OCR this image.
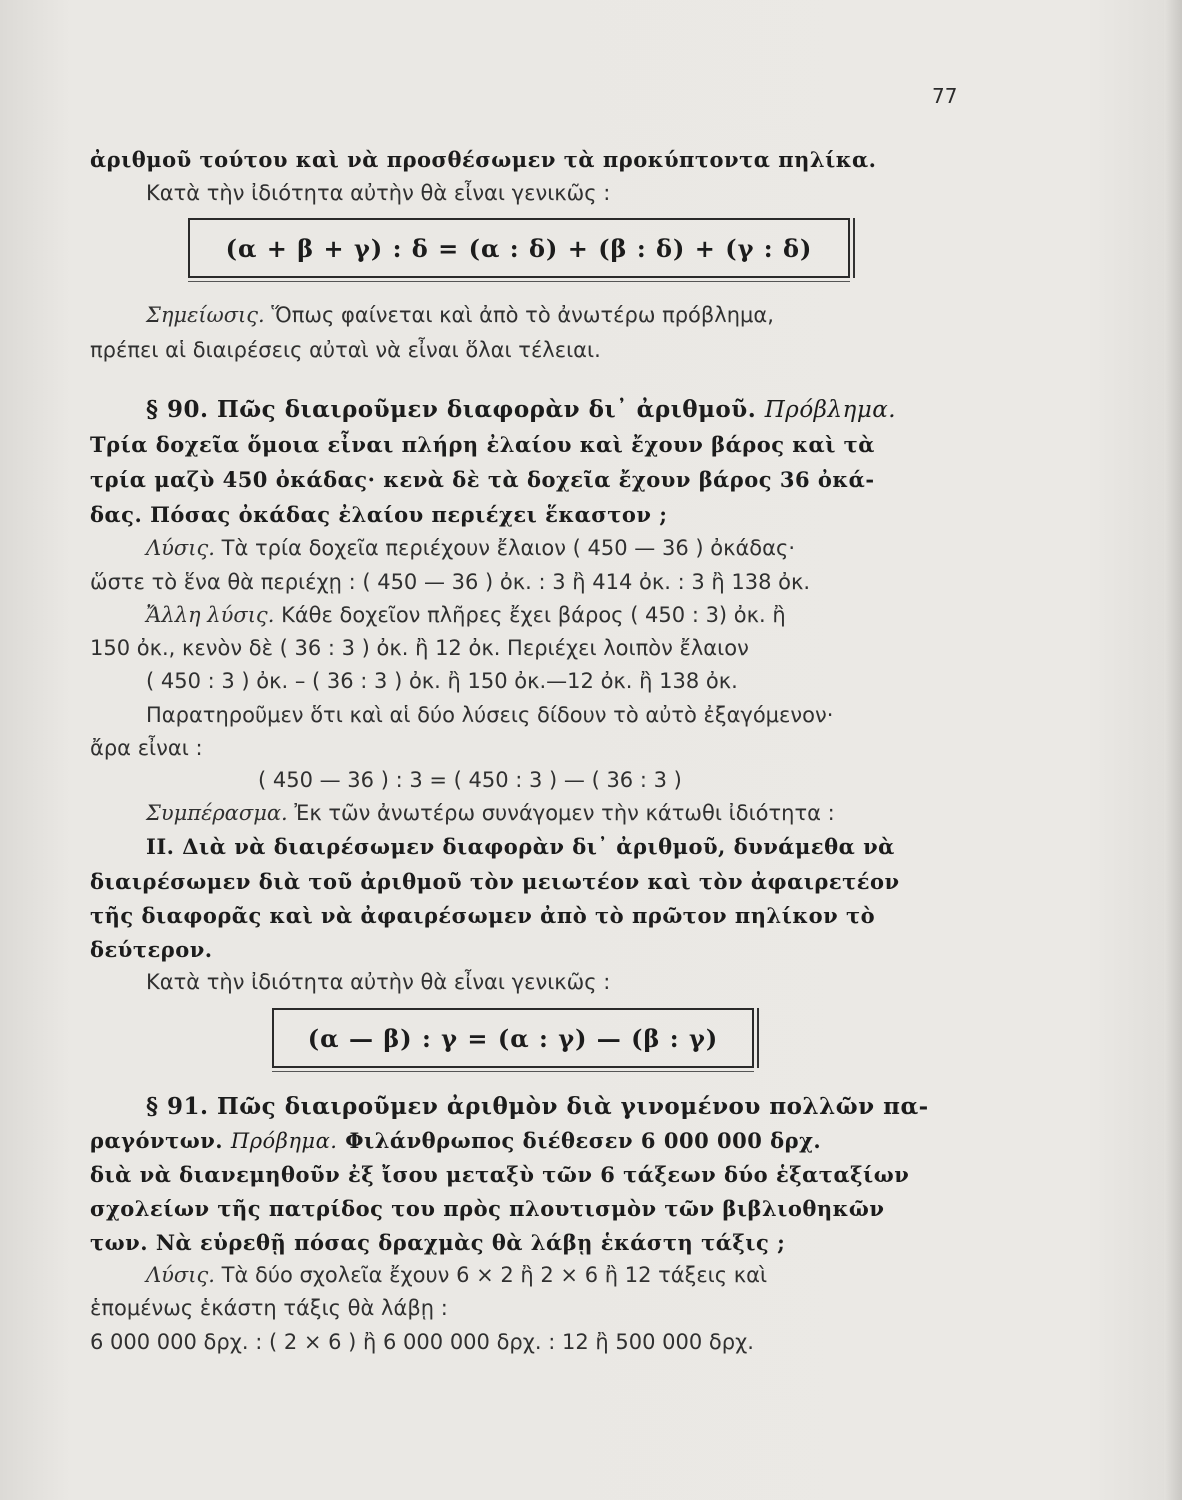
77
ἀριθμοῦ τούτου καὶ νὰ προσθέσωμεν τὰ προκύπτοντα πηλίκα.
Κατὰ τὴν ἰδιότητα αὐτὴν θὰ εἶναι γενικῶς :
(α + β + γ) : δ = (α : δ) + (β : δ) + (γ : δ)
Σημείωσις. Ὅπως φαίνεται καὶ ἀπὸ τὸ ἀνωτέρω πρόβλημα,
πρέπει αἱ διαιρέσεις αὐταὶ νὰ εἶναι ὅλαι τέλειαι.
§ 90. Πῶς διαιροῦμεν διαφορὰν δι᾽ ἀριθμοῦ. Πρόβλημα.
Τρία δοχεῖα ὅμοια εἶναι πλήρη ἐλαίου καὶ ἔχουν βάρος καὶ τὰ
τρία μαζὺ 450 ὀκάδας· κενὰ δὲ τὰ δοχεῖα ἔχουν βάρος 36 ὀκά-
δας. Πόσας ὀκάδας ἐλαίου περιέχει ἕκαστον ;
Λύσις. Τὰ τρία δοχεῖα περιέχουν ἔλαιον ( 450 — 36 ) ὀκάδας·
ὥστε τὸ ἕνα θὰ περιέχῃ : ( 450 — 36 ) ὀκ. : 3 ἢ 414 ὀκ. : 3 ἢ 138 ὀκ.
Ἄλλη λύσις. Κάθε δοχεῖον πλῆρες ἔχει βάρος ( 450 : 3) ὀκ. ἢ
150 ὀκ., κενὸν δὲ ( 36 : 3 ) ὀκ. ἢ 12 ὀκ. Περιέχει λοιπὸν ἔλαιον
( 450 : 3 ) ὀκ. – ( 36 : 3 ) ὀκ. ἢ 150 ὀκ.—12 ὀκ. ἢ 138 ὀκ.
Παρατηροῦμεν ὅτι καὶ αἱ δύο λύσεις δίδουν τὸ αὐτὸ ἐξαγόμενον·
ἄρα εἶναι :
( 450 — 36 ) : 3 = ( 450 : 3 ) — ( 36 : 3 )
Συμπέρασμα. Ἐκ τῶν ἀνωτέρω συνάγομεν τὴν κάτωθι ἰδιότητα :
II. Διὰ νὰ διαιρέσωμεν διαφορὰν δι᾽ ἀριθμοῦ, δυνάμεθα νὰ
διαιρέσωμεν διὰ τοῦ ἀριθμοῦ τὸν μειωτέον καὶ τὸν ἀφαιρετέον
τῆς διαφορᾶς καὶ νὰ ἀφαιρέσωμεν ἀπὸ τὸ πρῶτον πηλίκον τὸ
δεύτερον.
Κατὰ τὴν ἰδιότητα αὐτὴν θὰ εἶναι γενικῶς :
(α — β) : γ = (α : γ) — (β : γ)
§ 91. Πῶς διαιροῦμεν ἀριθμὸν διὰ γινομένου πολλῶν πα-
ραγόντων. Πρόβημα. Φιλάνθρωπος διέθεσεν 6 000 000 δρχ.
διὰ νὰ διανεμηθοῦν ἐξ ἴσου μεταξὺ τῶν 6 τάξεων δύο ἑξαταξίων
σχολείων τῆς πατρίδος του πρὸς πλουτισμὸν τῶν βιβλιοθηκῶν
των. Νὰ εὑρεθῇ πόσας δραχμὰς θὰ λάβῃ ἑκάστη τάξις ;
Λύσις. Τὰ δύο σχολεῖα ἔχουν 6 × 2 ἢ 2 × 6 ἢ 12 τάξεις καὶ
ἑπομένως ἑκάστη τάξις θὰ λάβῃ :
6 000 000 δρχ. : ( 2 × 6 ) ἢ 6 000 000 δρχ. : 12 ἢ 500 000 δρχ.
